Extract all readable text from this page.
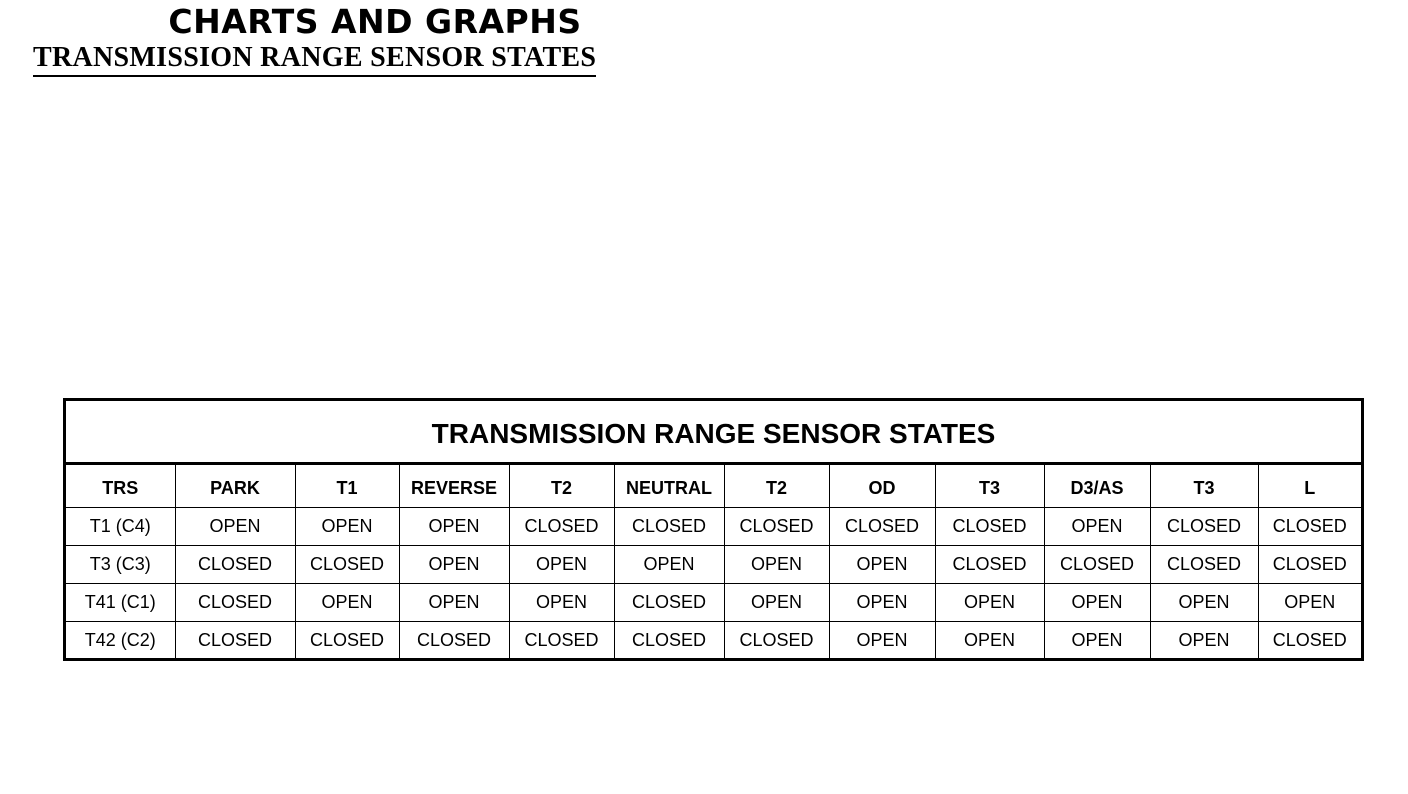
CHARTS AND GRAPHS
TRANSMISSION RANGE SENSOR STATES
TRANSMISSION RANGE SENSOR STATES
TRS	PARK	T1	REVERSE	T2	NEUTRAL	T2	OD	T3	D3/AS	T3	L
T1 (C4)	OPEN	OPEN	OPEN	CLOSED	CLOSED	CLOSED	CLOSED	CLOSED	OPEN	CLOSED	CLOSED
T3 (C3)	CLOSED	CLOSED	OPEN	OPEN	OPEN	OPEN	OPEN	CLOSED	CLOSED	CLOSED	CLOSED
T41 (C1)	CLOSED	OPEN	OPEN	OPEN	CLOSED	OPEN	OPEN	OPEN	OPEN	OPEN	OPEN
T42 (C2)	CLOSED	CLOSED	CLOSED	CLOSED	CLOSED	CLOSED	OPEN	OPEN	OPEN	OPEN	CLOSED
